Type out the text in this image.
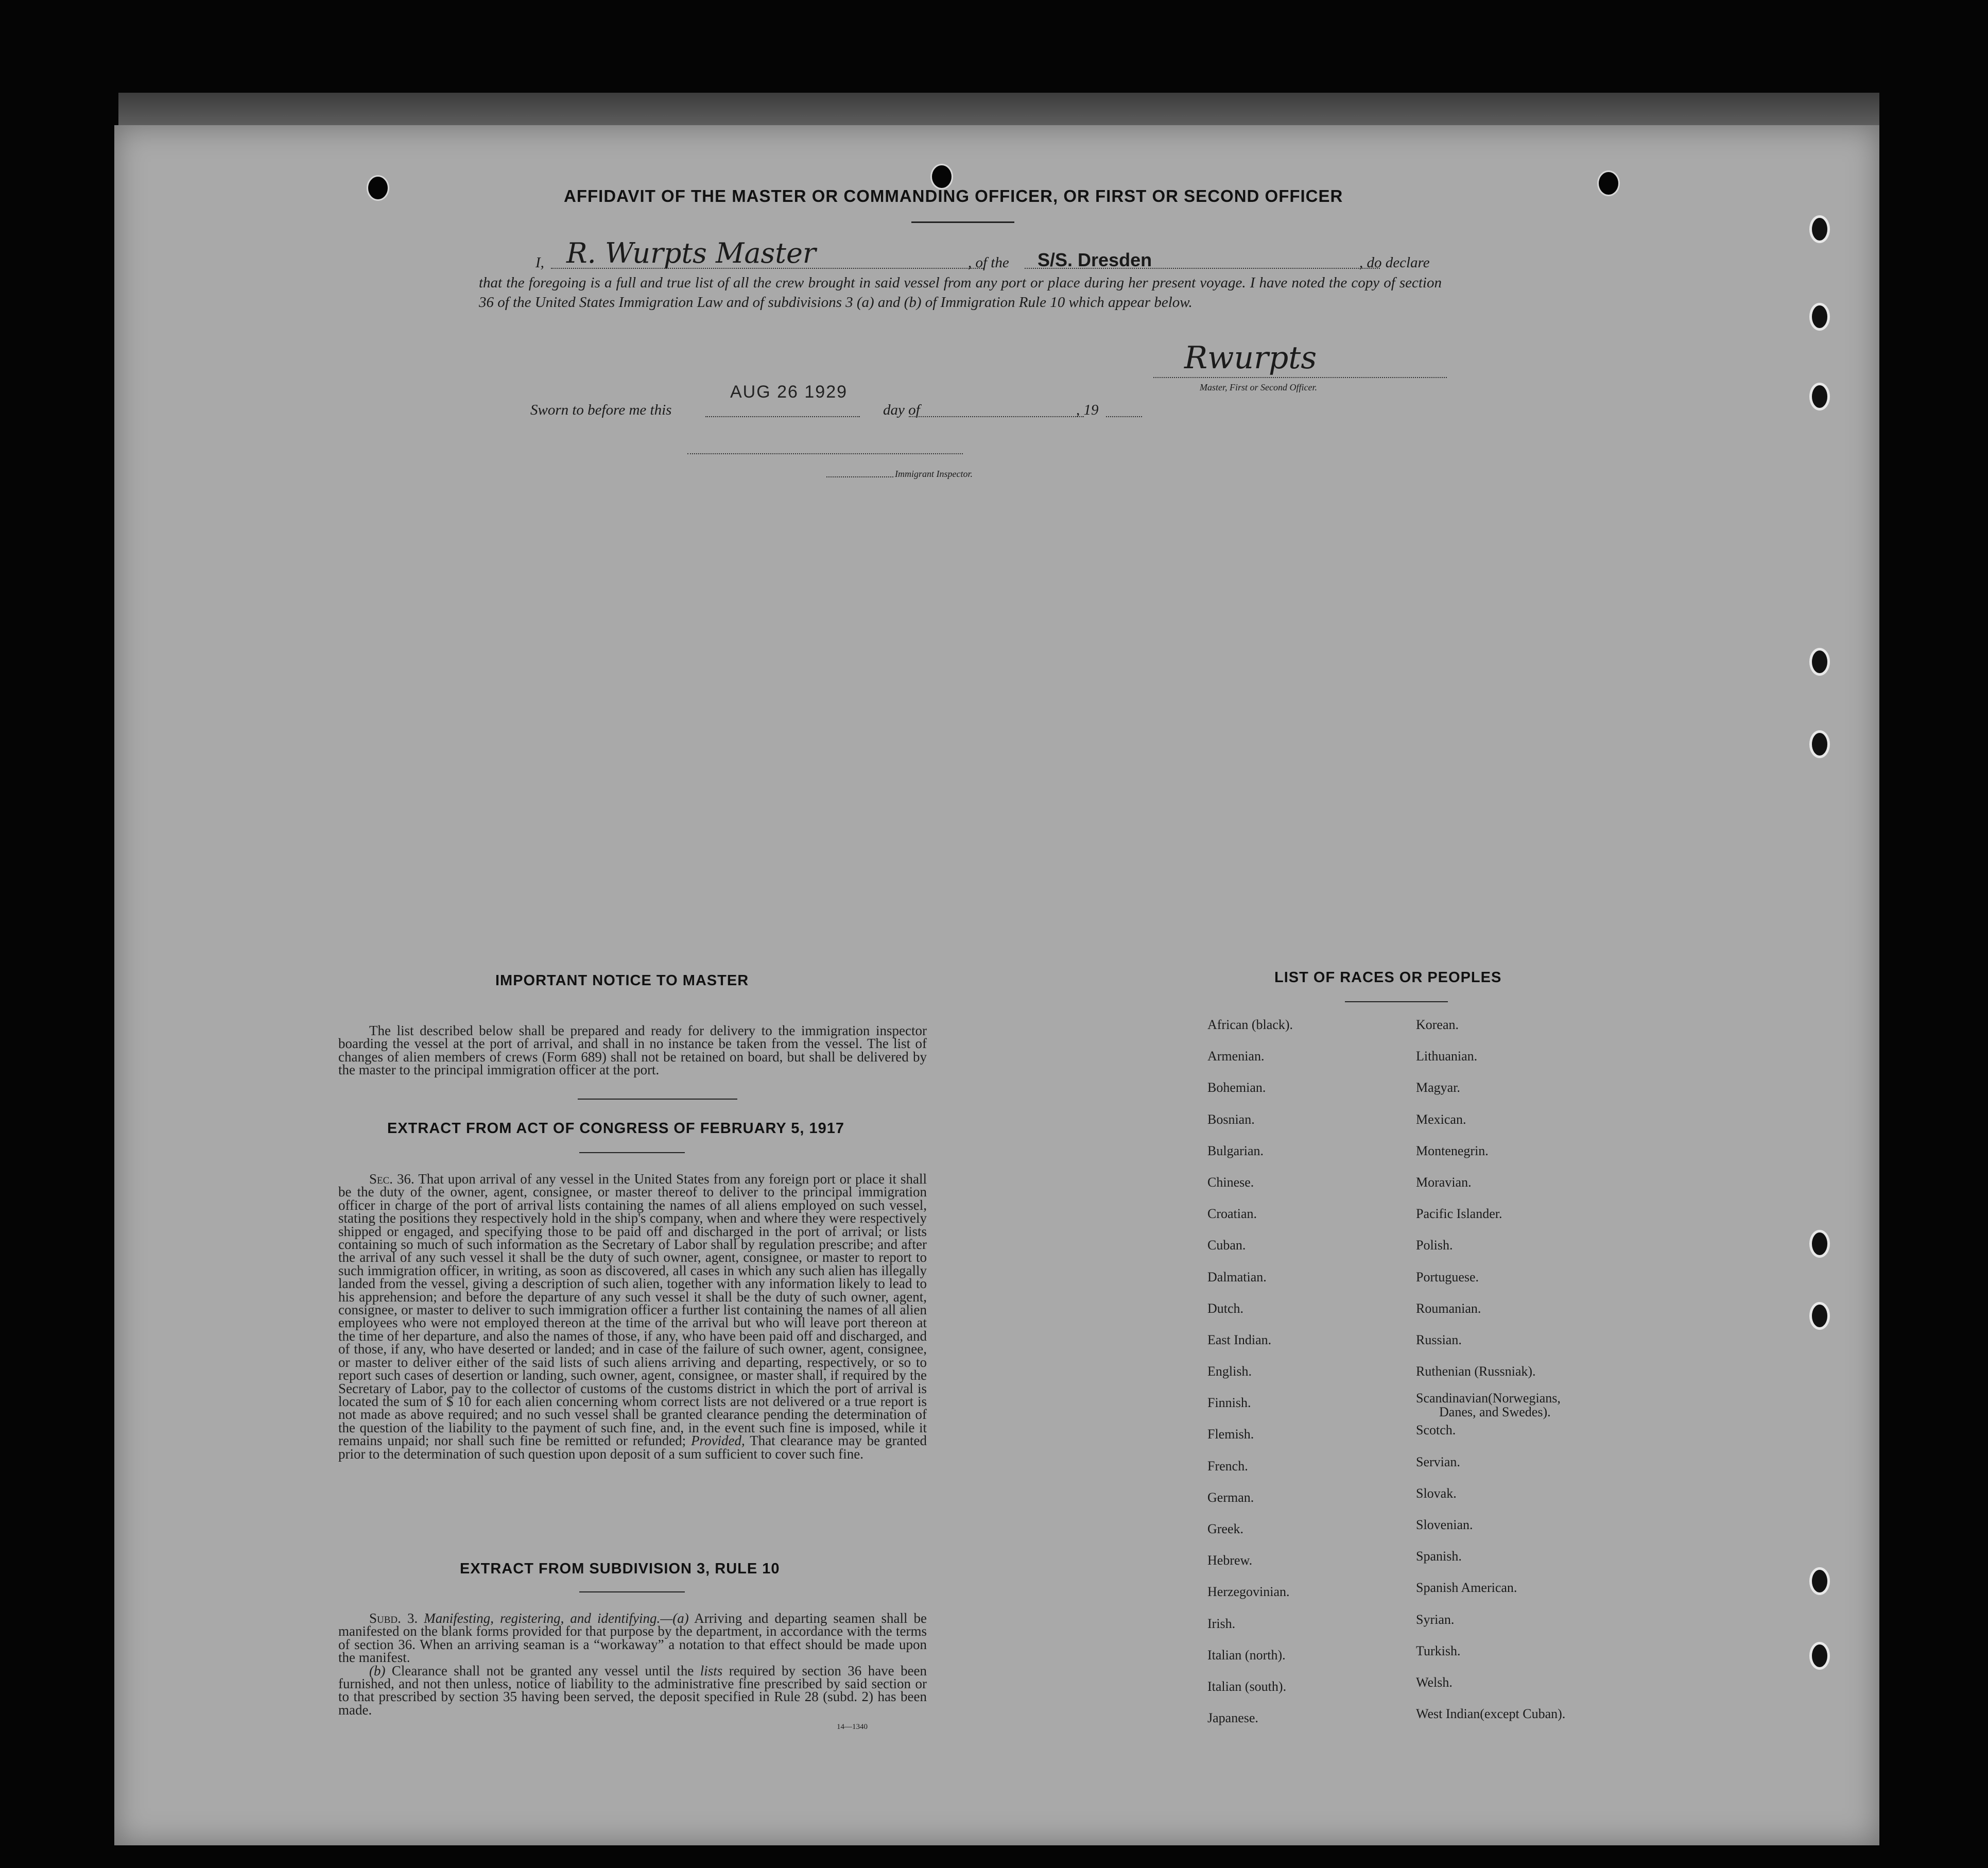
AFFIDAVIT OF THE MASTER OR COMMANDING OFFICER, OR FIRST OR SECOND OFFICER
I, R. Wurpts Master	, of the S/S. Dresden	, do declare
that the foregoing is a full and true list of all the crew brought in said vessel from any port or place during her present voyage. I have noted the copy of section 36 of the United States Immigration Law and of subdivisions 3 (a) and (b) of Immigration Rule 10 which appear below.
Rwurpts
Master, First or Second Officer.
Sworn to before me this	day of	, 19
AUG 26 1929
Immigrant Inspector.
IMPORTANT NOTICE TO MASTER
The list described below shall be prepared and ready for delivery to the immigration inspector boarding the vessel at the port of arrival, and shall in no instance be taken from the vessel. The list of changes of alien members of crews (Form 689) shall not be retained on board, but shall be delivered by the master to the principal immigration officer at the port.
EXTRACT FROM ACT OF CONGRESS OF FEBRUARY 5, 1917
Sec. 36. That upon arrival of any vessel in the United States from any foreign port or place it shall be the duty of the owner, agent, consignee, or master thereof to deliver to the principal immigration officer in charge of the port of arrival lists containing the names of all aliens employed on such vessel, stating the positions they respectively hold in the ship's company, when and where they were respectively shipped or engaged, and specifying those to be paid off and discharged in the port of arrival; or lists containing so much of such information as the Secretary of Labor shall by regulation prescribe; and after the arrival of any such vessel it shall be the duty of such owner, agent, consignee, or master to report to such immigration officer, in writing, as soon as discovered, all cases in which any such alien has illegally landed from the vessel, giving a description of such alien, together with any information likely to lead to his apprehension; and before the departure of any such vessel it shall be the duty of such owner, agent, consignee, or master to deliver to such immigration officer a further list containing the names of all alien employees who were not employed thereon at the time of the arrival but who will leave port thereon at the time of her departure, and also the names of those, if any, who have been paid off and discharged, and of those, if any, who have deserted or landed; and in case of the failure of such owner, agent, consignee, or master to deliver either of the said lists of such aliens arriving and departing, respectively, or so to report such cases of desertion or landing, such owner, agent, consignee, or master shall, if required by the Secretary of Labor, pay to the collector of customs of the customs district in which the port of arrival is located the sum of $ 10 for each alien concerning whom correct lists are not delivered or a true report is not made as above required; and no such vessel shall be granted clearance pending the determination of the question of the liability to the payment of such fine, and, in the event such fine is imposed, while it remains unpaid; nor shall such fine be remitted or refunded; Provided, That clearance may be granted prior to the determination of such question upon deposit of a sum sufficient to cover such fine.
EXTRACT FROM SUBDIVISION 3, RULE 10
Subd. 3. Manifesting, registering, and identifying.—(a) Arriving and departing seamen shall be manifested on the blank forms provided for that purpose by the department, in accordance with the terms of section 36. When an arriving seaman is a “workaway” a notation to that effect should be made upon the manifest.
(b) Clearance shall not be granted any vessel until the lists required by section 36 have been furnished, and not then unless, notice of liability to the administrative fine prescribed by said section or to that prescribed by section 35 having been served, the deposit specified in Rule 28 (subd. 2) has been made.
14—1340
LIST OF RACES OR PEOPLES
African (black).
Armenian.
Bohemian.
Bosnian.
Bulgarian.
Chinese.
Croatian.
Cuban.
Dalmatian.
Dutch.
East Indian.
English.
Finnish.
Flemish.
French.
German.
Greek.
Hebrew.
Herzegovinian.
Irish.
Italian (north).
Italian (south).
Japanese.
Korean.
Lithuanian.
Magyar.
Mexican.
Montenegrin.
Moravian.
Pacific Islander.
Polish.
Portuguese.
Roumanian.
Russian.
Ruthenian (Russniak).
Scandinavian(Norwegians,
Danes, and Swedes).
Scotch.
Servian.
Slovak.
Slovenian.
Spanish.
Spanish American.
Syrian.
Turkish.
Welsh.
West Indian(except Cuban).
